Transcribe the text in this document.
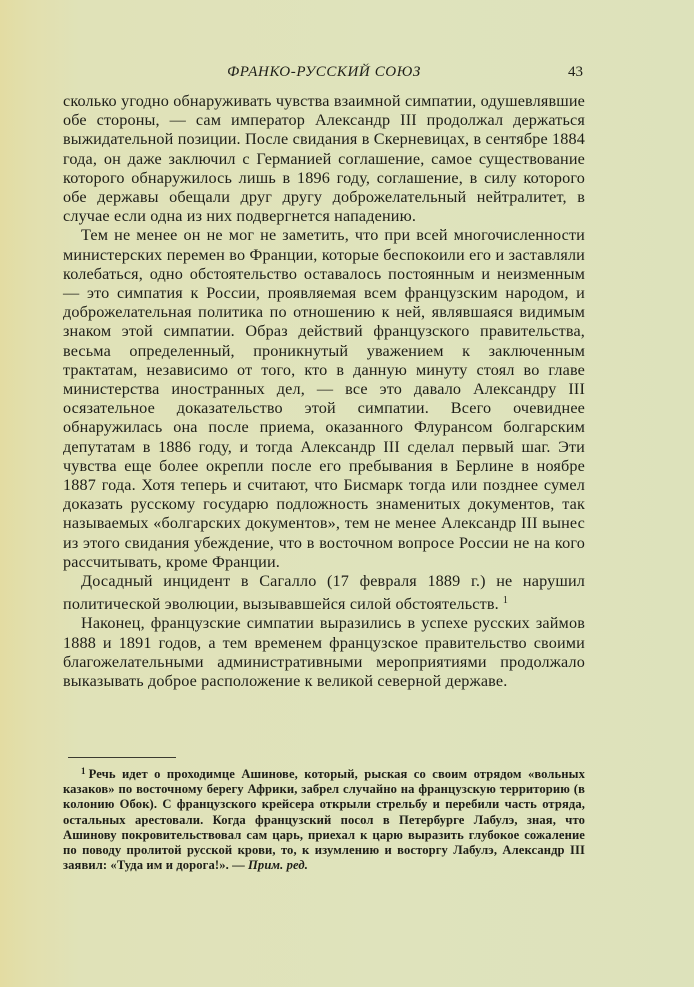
ФРАНКО-РУССКИЙ СОЮЗ	43

сколько угодно обнаруживать чувства взаимной симпатии, одушевлявшие обе стороны, — сам император Александр III продолжал держаться выжидательной позиции. После свидания в Скерневицах, в сентябре 1884 года, он даже заключил с Германией соглашение, самое существование которого обнаружилось лишь в 1896 году, соглашение, в силу которого обе державы обещали друг другу доброжелательный нейтралитет, в случае если одна из них подвергнется нападению.

Тем не менее он не мог не заметить, что при всей многочисленности министерских перемен во Франции, которые беспокоили его и заставляли колебаться, одно обстоятельство оставалось постоянным и неизменным — это симпатия к России, проявляемая всем французским народом, и доброжелательная политика по отношению к ней, являвшаяся видимым знаком этой симпатии. Образ действий французского правительства, весьма определенный, проникнутый уважением к заключенным трактатам, независимо от того, кто в данную минуту стоял во главе министерства иностранных дел, — все это давало Александру III осязательное доказательство этой симпатии. Всего очевиднее обнаружилась она после приема, оказанного Флурансом болгарским депутатам в 1886 году, и тогда Александр III сделал первый шаг. Эти чувства еще более окрепли после его пребывания в Берлине в ноябре 1887 года. Хотя теперь и считают, что Бисмарк тогда или позднее сумел доказать русскому государю подложность знаменитых документов, так называемых «болгарских документов», тем не менее Александр III вынес из этого свидания убеждение, что в восточном вопросе России не на кого рассчитывать, кроме Франции.

Досадный инцидент в Сагалло (17 февраля 1889 г.) не нарушил политической эволюции, вызывавшейся силой обстоятельств. $^1$

Наконец, французские симпатии выразились в успехе русских займов 1888 и 1891 годов, а тем временем французское правительство своими благожелательными административными мероприятиями продолжало выказывать доброе расположение к великой северной державе.

$^1$ Речь идет о проходимце Ашинове, который, рыская со своим отрядом «вольных казаков» по восточному берегу Африки, забрел случайно на французскую территорию (в колонию Обок). С французского крейсера открыли стрельбу и перебили часть отряда, остальных арестовали. Когда французский посол в Петербурге Лабулэ, зная, что Ашинову покровительствовал сам царь, приехал к царю выразить глубокое сожаление по поводу пролитой русской крови, то, к изумлению и восторгу Лабулэ, Александр III заявил: «Туда им и дорога!». — Прим. ред.
